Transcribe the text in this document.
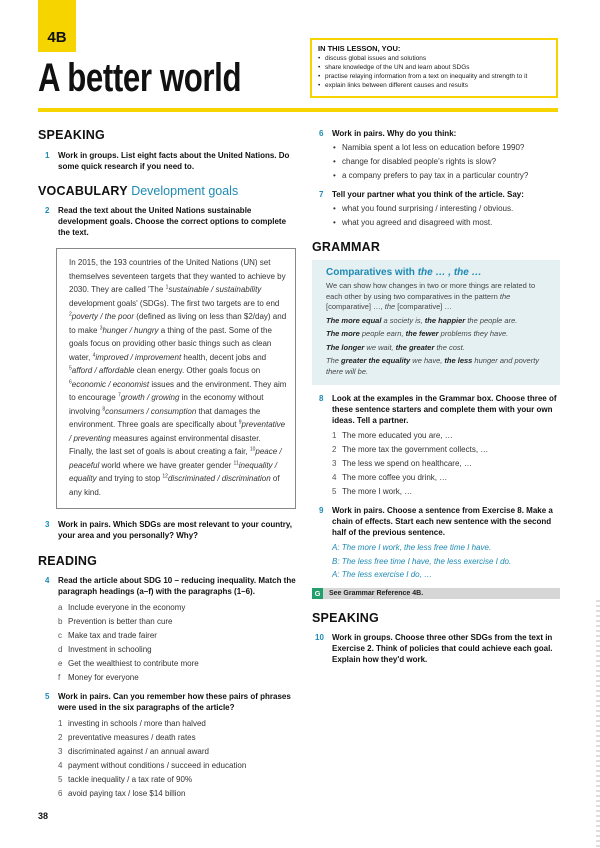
4B
A better world
IN THIS LESSON, YOU:
• discuss global issues and solutions
• share knowledge of the UN and learn about SDGs
• practise relaying information from a text on inequality and strength to it
• explain links between different causes and results
SPEAKING
1 Work in groups. List eight facts about the United Nations. Do some quick research if you need to.
VOCABULARY Development goals
2 Read the text about the United Nations sustainable development goals. Choose the correct options to complete the text.
In 2015, the 193 countries of the United Nations (UN) set themselves seventeen targets that they wanted to achieve by 2030. They are called 'The $^1$sustainable / sustainability development goals' (SDGs). The first two targets are to end $^2$poverty / the poor (defined as living on less than $2/day) and to make $^3$hunger / hungry a thing of the past. Some of the goals focus on providing other basic things such as clean water, $^4$improved / improvement health, decent jobs and $^5$afford / affordable clean energy. Other goals focus on $^6$economic / economist issues and the environment. They aim to encourage $^7$growth / growing in the economy without involving $^8$consumers / consumption that damages the environment. Three goals are specifically about $^9$preventative / preventing measures against environmental disaster. Finally, the last set of goals is about creating a fair, $^{10}$peace / peaceful world where we have greater gender $^{11}$inequality / equality and trying to stop $^{12}$discriminated / discrimination of any kind.
3 Work in pairs. Which SDGs are most relevant to your country, your area and you personally? Why?
READING
4 Read the article about SDG 10 – reducing inequality. Match the paragraph headings (a–f) with the paragraphs (1–6).
a Include everyone in the economy
b Prevention is better than cure
c Make tax and trade fairer
d Investment in schooling
e Get the wealthiest to contribute more
f Money for everyone
5 Work in pairs. Can you remember how these pairs of phrases were used in the six paragraphs of the article?
1 investing in schools / more than halved
2 preventative measures / death rates
3 discriminated against / an annual award
4 payment without conditions / succeed in education
5 tackle inequality / a tax rate of 90%
6 avoid paying tax / lose $14 billion
6 Work in pairs. Why do you think:
• Namibia spent a lot less on education before 1990?
• change for disabled people's rights is slow?
• a company prefers to pay tax in a particular country?
7 Tell your partner what you think of the article. Say:
• what you found surprising / interesting / obvious.
• what you agreed and disagreed with most.
GRAMMAR
Comparatives with the … , the …
We can show how changes in two or more things are related to each other by using two comparatives in the pattern the [comparative] …, the [comparative] …
The more equal a society is, the happier the people are.
The more people earn, the fewer problems they have.
The longer we wait, the greater the cost.
The greater the equality we have, the less hunger and poverty there will be.
8 Look at the examples in the Grammar box. Choose three of these sentence starters and complete them with your own ideas. Tell a partner.
1 The more educated you are, …
2 The more tax the government collects, …
3 The less we spend on healthcare, …
4 The more coffee you drink, …
5 The more I work, …
9 Work in pairs. Choose a sentence from Exercise 8. Make a chain of effects. Start each new sentence with the second half of the previous sentence.
A: The more I work, the less free time I have.
B: The less free time I have, the less exercise I do.
A: The less exercise I do, …
G	See Grammar Reference 4B.
SPEAKING
10 Work in groups. Choose three other SDGs from the text in Exercise 2. Think of policies that could achieve each goal. Explain how they'd work.
38
